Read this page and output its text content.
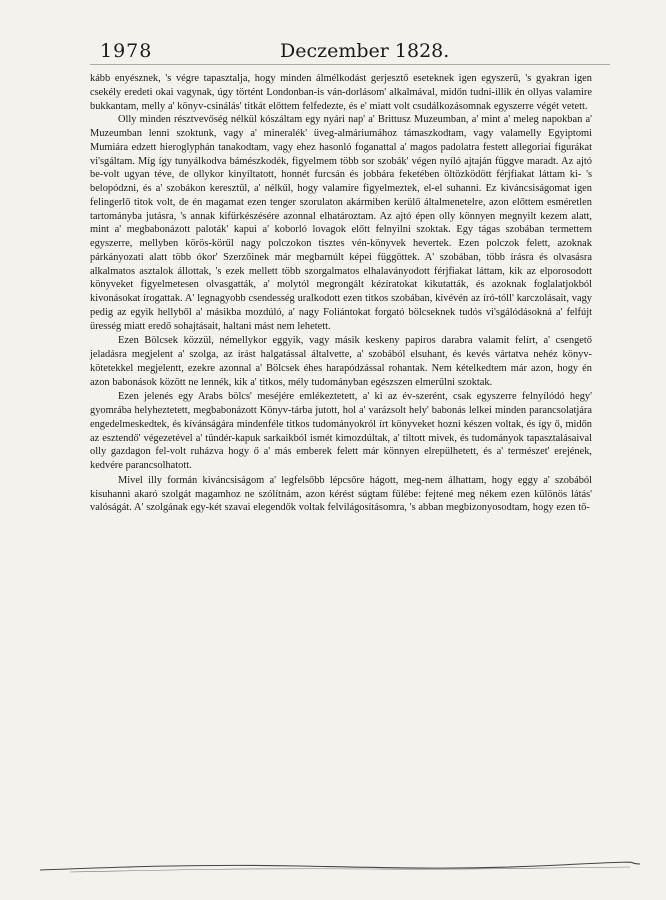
1978	Deczember 1828.

kább enyésznek, 's végre tapasztalja, hogy minden álmélkodást gerjesztő eseteknek igen egyszerű, 's gyakran igen csekély eredeti okai vagynak, úgy történt Londonban-is ván-dorlásom' alkalmával, midőn tudni-illik én ollyas valamire bukkantam, melly a' könyv-csinálás' titkát előttem felfedezte, és e' miatt volt csudálkozásomnak egyszerre végét vetett.

Olly minden résztvevőség nélkül kószáltam egy nyári nap' a' Brittusz Muzeumban, a' mint a' meleg napokban a' Muzeumban lenni szoktunk, vagy a' mineralék' üveg-almáriumához támaszkodtam, vagy valamelly Egyiptomi Mumiára edzett hieroglyphán tanakodtam, vagy ehez hasonló foganattal a' magos padolatra festett allegoriai figurákat vi'sgáltam. Míg így tunyálkodva bámészkodék, figyelmem több sor szobák' végen nyíló ajtaján függve maradt. Az ajtó be-volt ugyan téve, de ollykor kinyíltatott, honnét furcsán és jobbára feketében öltözködött férjfiakat láttam ki- 's belopódzni, és a' szobákon keresztűl, a' nélkűl, hogy valamire figyelmeztek, el-el suhanni. Ez kiváncsiságomat igen felingerlő titok volt, de én magamat ezen tenger szorulaton akármiben kerülő általmenetelre, azon előttem esméretlen tartományba jutásra, 's annak kifürkészésére azonnal elhatároztam. Az ajtó épen olly könnyen megnyilt kezem alatt, mint a' megbabonázott paloták' kapui a' koborló lovagok előtt felnyilni szoktak. Egy tágas szobában termettem egyszerre, mellyben körös-körűl nagy polczokon tisztes vén-könyvek hevertek. Ezen polczok felett, azoknak párkányozati alatt több ókor' Szerzőinek már megbarnúlt képei függöttek. A' szobában, több írásra és olvasásra alkalmatos asztalok állottak, 's ezek mellett több szorgalmatos elhalaványodott férjfiakat láttam, kik az elporosodott könyveket figyelmetesen olvasgatták, a' molytól megrongált kézíratokat kikutatták, és azoknak foglalatjokból kivonásokat írogattak. A' legnagyobb csendesség uralkodott ezen titkos szobában, kivévén az író-tóll' karczolásait, vagy pedig az egyik hellyből a' másikba mozdúló, a' nagy Foliántokat forgató bölcseknek tudós vi'sgálódásokná a' felfújt üresség miatt eredő sohajtásait, haltani mást nem lehetett.

Ezen Bölcsek közzül, némellykor eggyik, vagy másik keskeny papiros darabra valamit felírt, a' csengető jeladásra megjelent a' szolga, az írást halgatással általvette, a' szobából elsuhant, és kevés vártatva nehéz könyv-kötetekkel megjelentt, ezekre azonnal a' Bölcsek éhes harapódzással rohantak. Nem kételkedtem már azon, hogy én azon babonások között ne lennék, kik a' titkos, mély tudományban egészszen elmerűlni szoktak.

Ezen jelenés egy Arabs bölcs' meséjére emlékeztetett, a' ki az év-szerént, csak egyszerre felnyílódó hegy' gyomrába helyheztetett, megbabonázott Könyv-tárba jutott, hol a' varázsolt hely' babonás lelkei minden parancsolatjára engedelmeskedtek, és kívánságára mindenféle titkos tudományokról írt könyveket hozni készen voltak, és így ő, midőn az esztendő' végezetével a' tündér-kapuk sarkaikból ismét kimozdúltak, a' tiltott mivek, és tudományok tapasztalásaival olly gazdagon fel-volt ruházva hogy ő a' más emberek felett már könnyen elrepülhetett, és a' természet' erejének, kedvére parancsolhatott.

Mivel illy formán kiváncsiságom a' legfelsőbb lépcsőre hágott, meg-nem álhattam, hogy eggy a' szobából kisuhanni akaró szolgát magamhoz ne szólítnám, azon kérést súgtam fülébe: fejtené meg nékem ezen különös látás' valóságát. A' szolgának egy-két szavai elegendők voltak felvilágosításomra, 's abban megbizonyosodtam, hogy ezen tő-
